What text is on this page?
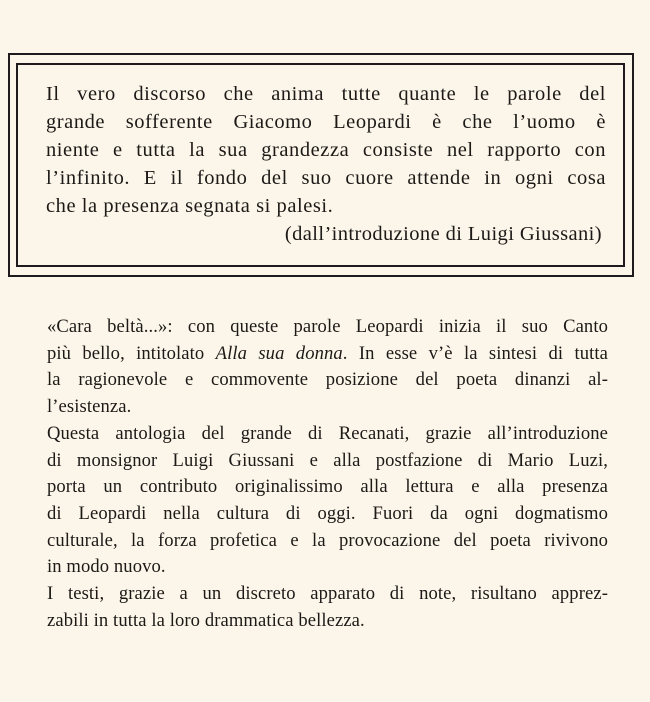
Il vero discorso che anima tutte quante le parole del
grande sofferente Giacomo Leopardi è che l’uomo è
niente e tutta la sua grandezza consiste nel rapporto con
l’infinito. E il fondo del suo cuore attende in ogni cosa
che la presenza segnata si palesi.
(dall’introduzione di Luigi Giussani)
«Cara beltà...»: con queste parole Leopardi inizia il suo Canto
più bello, intitolato Alla sua donna. In esse v’è la sintesi di tutta
la ragionevole e commovente posizione del poeta dinanzi al-
l’esistenza.
Questa antologia del grande di Recanati, grazie all’introduzione
di monsignor Luigi Giussani e alla postfazione di Mario Luzi,
porta un contributo originalissimo alla lettura e alla presenza
di Leopardi nella cultura di oggi. Fuori da ogni dogmatismo
culturale, la forza profetica e la provocazione del poeta rivivono
in modo nuovo.
I testi, grazie a un discreto apparato di note, risultano apprez-
zabili in tutta la loro drammatica bellezza.
